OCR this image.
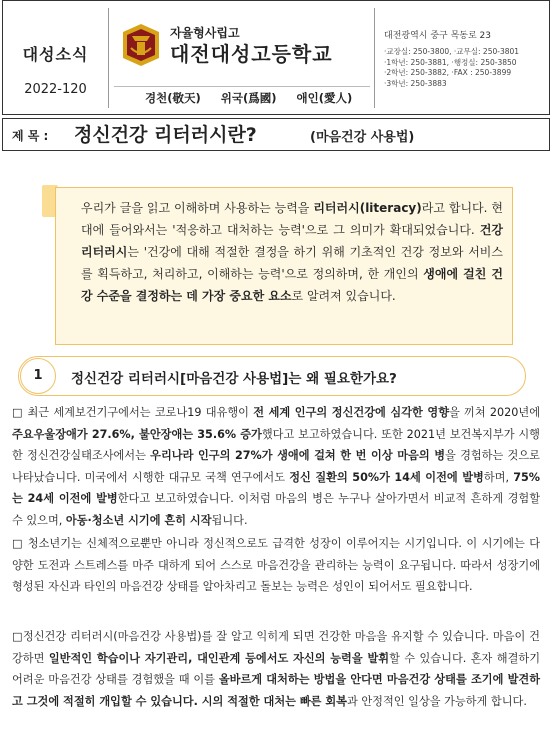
대성소식
2022-120
자율형사립고
대전대성고등학교
경천(敬天) 위국(爲國) 애인(愛人)
대전광역시 중구 목동로 23
·교장실: 250-3800, ·교무실: 250-3801
·1학년: 250-3881, ·행정실: 250-3850
·2학년: 250-3882, ·FAX : 250-3899
·3학년: 250-3883
제 목 : 정신건강 리터러시란?	(마음건강 사용법)
우리가 글을 읽고 이해하며 사용하는 능력을 리터러시(literacy)라고 합니다. 현대에 들어와서는 '적응하고 대처하는 능력'으로 그 의미가 확대되었습니다. 건강 리터러시는 '건강에 대해 적절한 결정을 하기 위해 기초적인 건강 정보와 서비스를 획득하고, 처리하고, 이해하는 능력'으로 정의하며, 한 개인의 생애에 걸친 건강 수준을 결정하는 데 가장 중요한 요소로 알려져 있습니다.
1	정신건강 리터러시[마음건강 사용법]는 왜 필요한가요?
□ 최근 세계보건기구에서는 코로나19 대유행이 전 세계 인구의 정신건강에 심각한 영향을 끼쳐 2020년에 주요우울장애가 27.6%, 불안장애는 35.6% 증가했다고 보고하였습니다. 또한 2021년 보건복지부가 시행한 정신건강실태조사에서는 우리나라 인구의 27%가 생애에 걸쳐 한 번 이상 마음의 병을 경험하는 것으로 나타났습니다. 미국에서 시행한 대규모 국책 연구에서도 정신 질환의 50%가 14세 이전에 발병하며, 75%는 24세 이전에 발병한다고 보고하였습니다. 이처럼 마음의 병은 누구나 살아가면서 비교적 흔하게 경험할 수 있으며, 아동·청소년 시기에 흔히 시작됩니다.
□ 청소년기는 신체적으로뿐만 아니라 정신적으로도 급격한 성장이 이루어지는 시기입니다. 이 시기에는 다양한 도전과 스트레스를 마주 대하게 되어 스스로 마음건강을 관리하는 능력이 요구됩니다. 따라서 성장기에 형성된 자신과 타인의 마음건강 상태를 알아차리고 돌보는 능력은 성인이 되어서도 필요합니다.
□정신건강 리터러시(마음건강 사용법)를 잘 알고 익히게 되면 건강한 마음을 유지할 수 있습니다. 마음이 건강하면 일반적인 학습이나 자기관리, 대인관계 등에서도 자신의 능력을 발휘할 수 있습니다. 혼자 해결하기 어려운 마음건강 상태를 경험했을 때 이를 올바르게 대처하는 방법을 안다면 마음건강 상태를 조기에 발견하고 그것에 적절히 개입할 수 있습니다. 시의 적절한 대처는 빠른 회복과 안정적인 일상을 가능하게 합니다.
